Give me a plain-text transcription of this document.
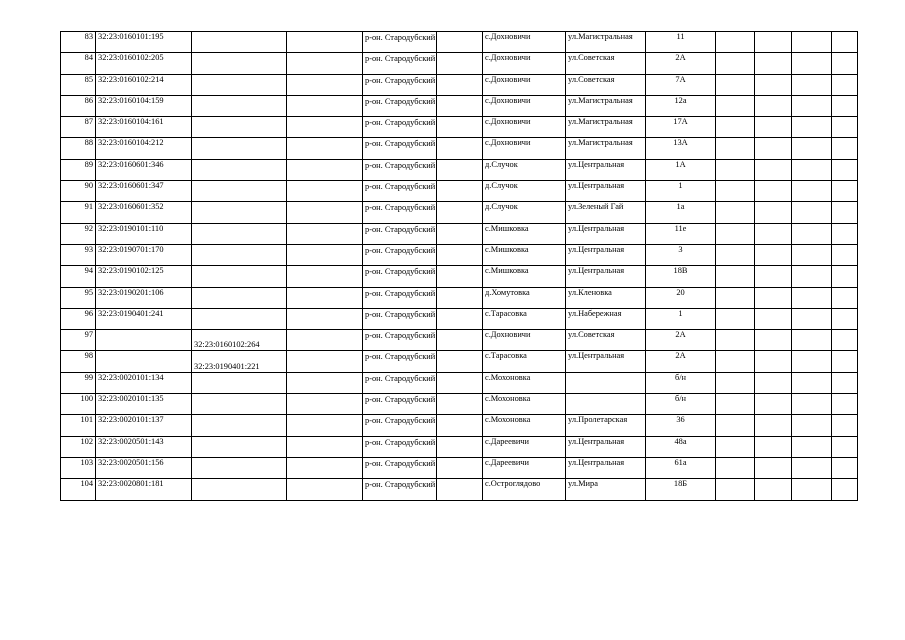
83	32:23:0160101:195			р-он. Стародубский		с.Дохновичи	ул.Магистральная	11				
84	32:23:0160102:205			р-он. Стародубский		с.Дохновичи	ул.Советская	2А				
85	32:23:0160102:214			р-он. Стародубский		с.Дохновичи	ул.Советская	7А				
86	32:23:0160104:159			р-он. Стародубский		с.Дохновичи	ул.Магистральная	12а				
87	32:23:0160104:161			р-он. Стародубский		с.Дохновичи	ул.Магистральная	17А				
88	32:23:0160104:212			р-он. Стародубский		с.Дохновичи	ул.Магистральная	13А				
89	32:23:0160601:346			р-он. Стародубский		д.Случок	ул.Центральная	1А				
90	32:23:0160601:347			р-он. Стародубский		д.Случок	ул.Центральная	1				
91	32:23:0160601:352			р-он. Стародубский		д.Случок	ул.Зеленый Гай	1а				
92	32:23:0190101:110			р-он. Стародубский		с.Мишковка	ул.Центральная	11е				
93	32:23:0190701:170			р-он. Стародубский		с.Мишковка	ул.Центральная	3				
94	32:23:0190102:125			р-он. Стародубский		с.Мишковка	ул.Центральная	18В				
95	32:23:0190201:106			р-он. Стародубский		д.Хомутовка	ул.Кленовка	20				
96	32:23:0190401:241			р-он. Стародубский		с.Тарасовка	ул.Набережная	1				
97		32:23:0160102:264		р-он. Стародубский		с.Дохновичи	ул.Советская	2А				
98		32:23:0190401:221		р-он. Стародубский		с.Тарасовка	ул.Центральная	2А				
99	32:23:0020101:134			р-он. Стародубский		с.Мохоновка		б/н				
100	32:23:0020101:135			р-он. Стародубский		с.Мохоновка		б/н				
101	32:23:0020101:137			р-он. Стародубский		с.Мохоновка	ул.Пролетарская	36				
102	32:23:0020501:143			р-он. Стародубский		с.Дареевичи	ул.Центральная	48а				
103	32:23:0020501:156			р-он. Стародубский		с.Дареевичи	ул.Центральная	61а				
104	32:23:0020801:181			р-он. Стародубский		с.Остроглядово	ул.Мира	18Б				
